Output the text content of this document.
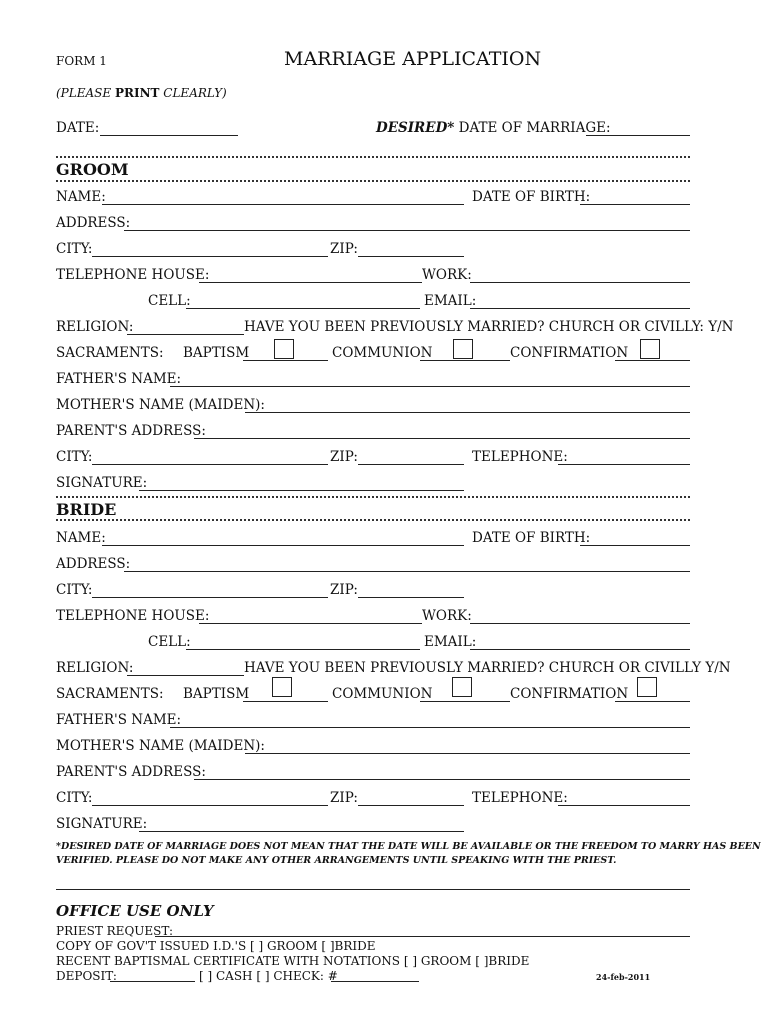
FORM 1	MARRIAGE APPLICATION
(PLEASE PRINT CLEARLY)
DATE:	DESIRED* DATE OF MARRIAGE:
GROOM
NAME:	DATE OF BIRTH:
ADDRESS:
CITY:	ZIP:
TELEPHONE HOUSE:	WORK:
CELL:	EMAIL:
RELIGION:	HAVE YOU BEEN PREVIOUSLY MARRIED? CHURCH OR CIVILLY: Y/N
SACRAMENTS: BAPTISM	COMMUNION	CONFIRMATION
FATHER'S NAME:
MOTHER'S NAME (MAIDEN):
PARENT'S ADDRESS:
CITY:	ZIP:	TELEPHONE:
SIGNATURE:
BRIDE
NAME:	DATE OF BIRTH:
ADDRESS:
CITY:	ZIP:
TELEPHONE HOUSE:	WORK:
CELL:	EMAIL:
RELIGION:	HAVE YOU BEEN PREVIOUSLY MARRIED? CHURCH OR CIVILLY Y/N
SACRAMENTS: BAPTISM	COMMUNION	CONFIRMATION
FATHER'S NAME:
MOTHER'S NAME (MAIDEN):
PARENT'S ADDRESS:
CITY:	ZIP:	TELEPHONE:
SIGNATURE:
*DESIRED DATE OF MARRIAGE DOES NOT MEAN THAT THE DATE WILL BE AVAILABLE OR THE FREEDOM TO MARRY HAS BEEN
VERIFIED. PLEASE DO NOT MAKE ANY OTHER ARRANGEMENTS UNTIL SPEAKING WITH THE PRIEST.
OFFICE USE ONLY
PRIEST REQUEST:
COPY OF GOV'T ISSUED I.D.'S [ ] GROOM [ ]BRIDE
RECENT BAPTISMAL CERTIFICATE WITH NOTATIONS [ ] GROOM [ ]BRIDE
DEPOSIT:	[ ] CASH [ ] CHECK: #	24-feb-2011
